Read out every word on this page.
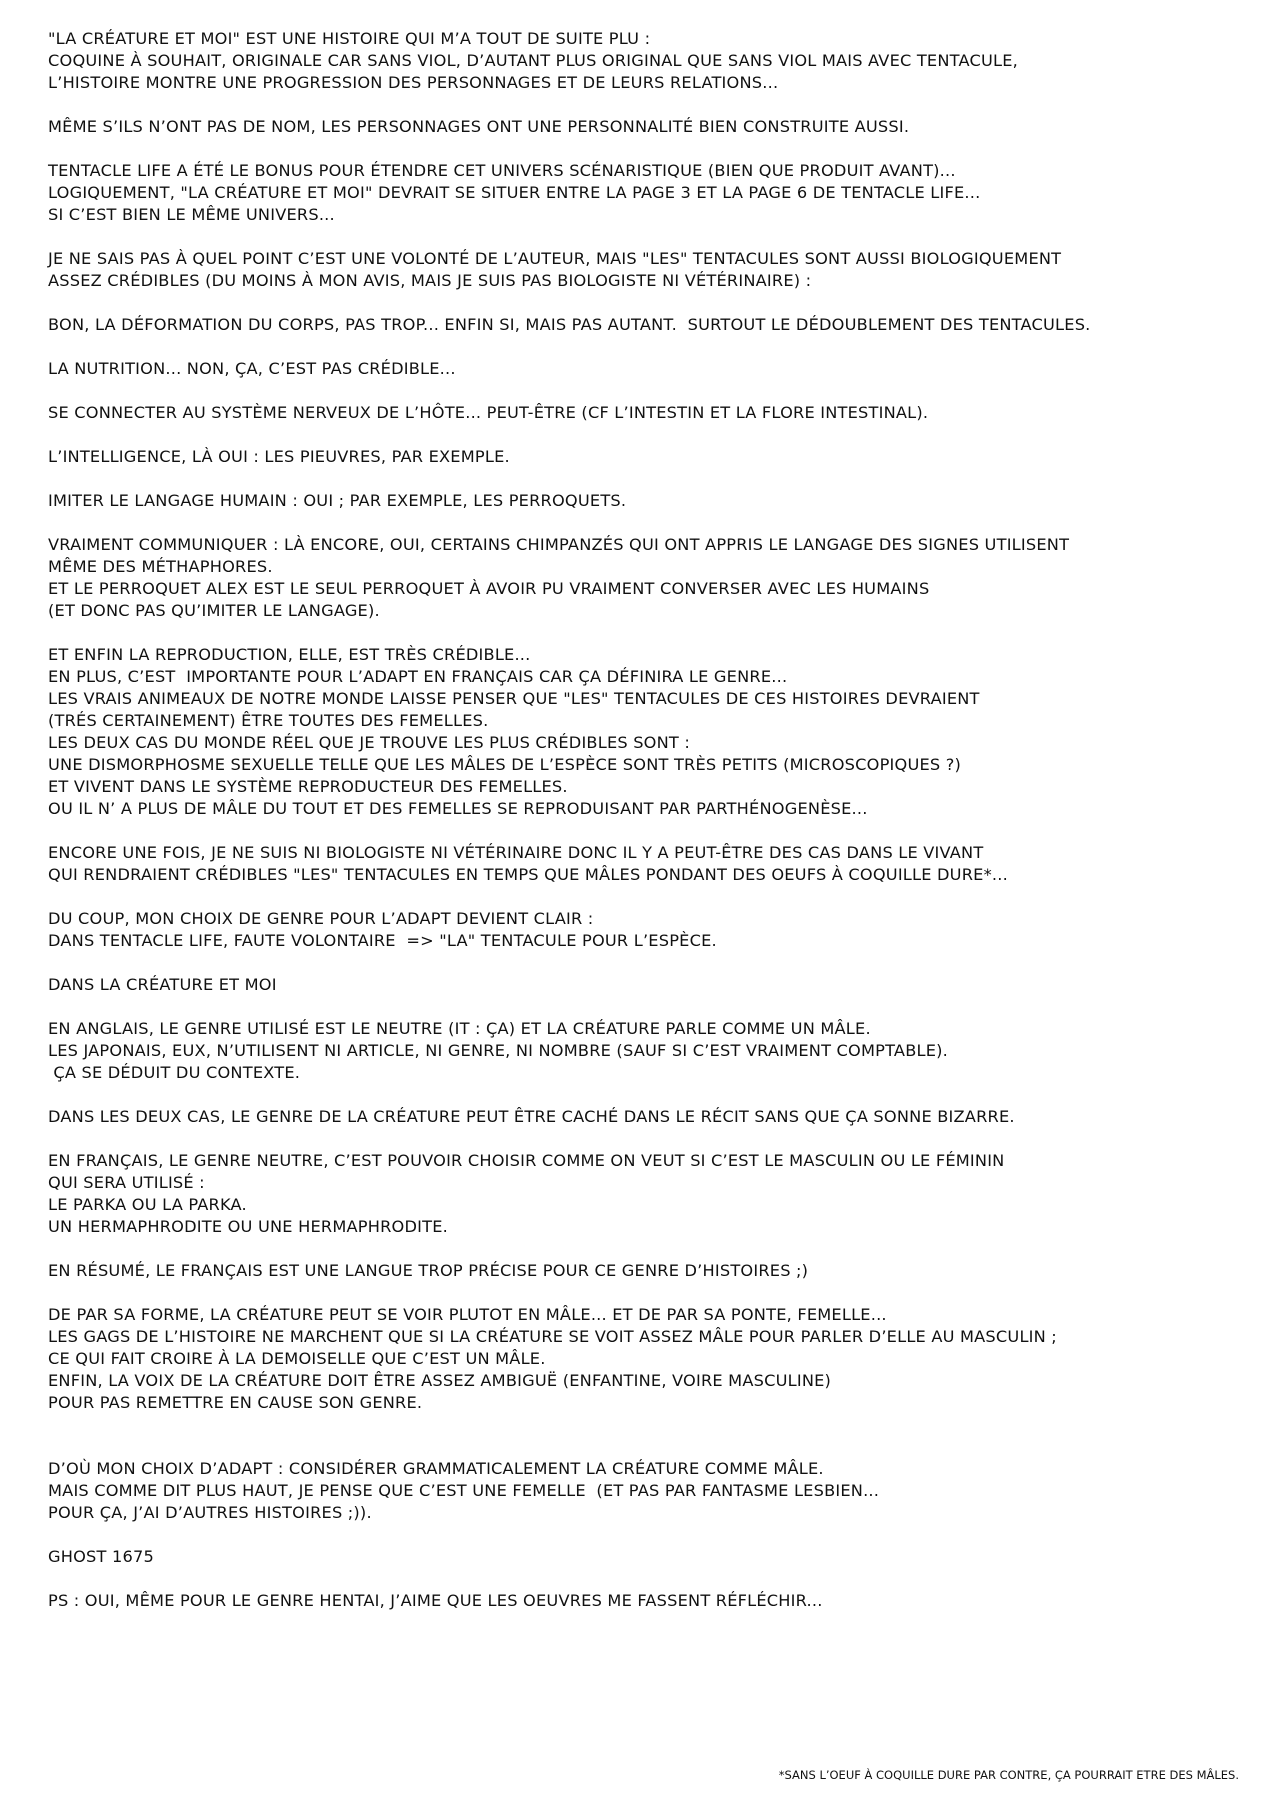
"LA CRÉATURE ET MOI" EST UNE HISTOIRE QUI M’A TOUT DE SUITE PLU :
COQUINE À SOUHAIT, ORIGINALE CAR SANS VIOL, D’AUTANT PLUS ORIGINAL QUE SANS VIOL MAIS AVEC TENTACULE,
L’HISTOIRE MONTRE UNE PROGRESSION DES PERSONNAGES ET DE LEURS RELATIONS...
MÊME S’ILS N’ONT PAS DE NOM, LES PERSONNAGES ONT UNE PERSONNALITÉ BIEN CONSTRUITE AUSSI.
TENTACLE LIFE A ÉTÉ LE BONUS POUR ÉTENDRE CET UNIVERS SCÉNARISTIQUE (BIEN QUE PRODUIT AVANT)...
LOGIQUEMENT, "LA CRÉATURE ET MOI" DEVRAIT SE SITUER ENTRE LA PAGE 3 ET LA PAGE 6 DE TENTACLE LIFE...
SI C’EST BIEN LE MÊME UNIVERS...
JE NE SAIS PAS À QUEL POINT C’EST UNE VOLONTÉ DE L’AUTEUR, MAIS "LES" TENTACULES SONT AUSSI BIOLOGIQUEMENT
ASSEZ CRÉDIBLES (DU MOINS À MON AVIS, MAIS JE SUIS PAS BIOLOGISTE NI VÉTÉRINAIRE) :
BON, LA DÉFORMATION DU CORPS, PAS TROP... ENFIN SI, MAIS PAS AUTANT.  SURTOUT LE DÉDOUBLEMENT DES TENTACULES.
LA NUTRITION... NON, ÇA, C’EST PAS CRÉDIBLE...
SE CONNECTER AU SYSTÈME NERVEUX DE L’HÔTE... PEUT-ÊTRE (CF L’INTESTIN ET LA FLORE INTESTINAL).
L’INTELLIGENCE, LÀ OUI : LES PIEUVRES, PAR EXEMPLE.
IMITER LE LANGAGE HUMAIN : OUI ; PAR EXEMPLE, LES PERROQUETS.
VRAIMENT COMMUNIQUER : LÀ ENCORE, OUI, CERTAINS CHIMPANZÉS QUI ONT APPRIS LE LANGAGE DES SIGNES UTILISENT
MÊME DES MÉTHAPHORES.
ET LE PERROQUET ALEX EST LE SEUL PERROQUET À AVOIR PU VRAIMENT CONVERSER AVEC LES HUMAINS
(ET DONC PAS QU’IMITER LE LANGAGE).
ET ENFIN LA REPRODUCTION, ELLE, EST TRÈS CRÉDIBLE...
EN PLUS, C’EST  IMPORTANTE POUR L’ADAPT EN FRANÇAIS CAR ÇA DÉFINIRA LE GENRE...
LES VRAIS ANIMEAUX DE NOTRE MONDE LAISSE PENSER QUE "LES" TENTACULES DE CES HISTOIRES DEVRAIENT
(TRÉS CERTAINEMENT) ÊTRE TOUTES DES FEMELLES.
LES DEUX CAS DU MONDE RÉEL QUE JE TROUVE LES PLUS CRÉDIBLES SONT :
UNE DISMORPHOSME SEXUELLE TELLE QUE LES MÂLES DE L’ESPÈCE SONT TRÈS PETITS (MICROSCOPIQUES ?)
ET VIVENT DANS LE SYSTÈME REPRODUCTEUR DES FEMELLES.
OU IL N’ A PLUS DE MÂLE DU TOUT ET DES FEMELLES SE REPRODUISANT PAR PARTHÉNOGENÈSE...
ENCORE UNE FOIS, JE NE SUIS NI BIOLOGISTE NI VÉTÉRINAIRE DONC IL Y A PEUT-ÊTRE DES CAS DANS LE VIVANT
QUI RENDRAIENT CRÉDIBLES "LES" TENTACULES EN TEMPS QUE MÂLES PONDANT DES OEUFS À COQUILLE DURE*...
DU COUP, MON CHOIX DE GENRE POUR L’ADAPT DEVIENT CLAIR :
DANS TENTACLE LIFE, FAUTE VOLONTAIRE  => "LA" TENTACULE POUR L’ESPÈCE.
DANS LA CRÉATURE ET MOI
EN ANGLAIS, LE GENRE UTILISÉ EST LE NEUTRE (IT : ÇA) ET LA CRÉATURE PARLE COMME UN MÂLE.
LES JAPONAIS, EUX, N’UTILISENT NI ARTICLE, NI GENRE, NI NOMBRE (SAUF SI C’EST VRAIMENT COMPTABLE).
ÇA SE DÉDUIT DU CONTEXTE.
DANS LES DEUX CAS, LE GENRE DE LA CRÉATURE PEUT ÊTRE CACHÉ DANS LE RÉCIT SANS QUE ÇA SONNE BIZARRE.
EN FRANÇAIS, LE GENRE NEUTRE, C’EST POUVOIR CHOISIR COMME ON VEUT SI C’EST LE MASCULIN OU LE FÉMININ
QUI SERA UTILISÉ :
LE PARKA OU LA PARKA.
UN HERMAPHRODITE OU UNE HERMAPHRODITE.
EN RÉSUMÉ, LE FRANÇAIS EST UNE LANGUE TROP PRÉCISE POUR CE GENRE D’HISTOIRES ;)
DE PAR SA FORME, LA CRÉATURE PEUT SE VOIR PLUTOT EN MÂLE... ET DE PAR SA PONTE, FEMELLE...
LES GAGS DE L’HISTOIRE NE MARCHENT QUE SI LA CRÉATURE SE VOIT ASSEZ MÂLE POUR PARLER D’ELLE AU MASCULIN ;
CE QUI FAIT CROIRE À LA DEMOISELLE QUE C’EST UN MÂLE.
ENFIN, LA VOIX DE LA CRÉATURE DOIT ÊTRE ASSEZ AMBIGUË (ENFANTINE, VOIRE MASCULINE)
POUR PAS REMETTRE EN CAUSE SON GENRE.

D’OÙ MON CHOIX D’ADAPT : CONSIDÉRER GRAMMATICALEMENT LA CRÉATURE COMME MÂLE.
MAIS COMME DIT PLUS HAUT, JE PENSE QUE C’EST UNE FEMELLE  (ET PAS PAR FANTASME LESBIEN...
POUR ÇA, J’AI D’AUTRES HISTOIRES ;)).
GHOST 1675
PS : OUI, MÊME POUR LE GENRE HENTAI, J’AIME QUE LES OEUVRES ME FASSENT RÉFLÉCHIR...
*SANS L’OEUF À COQUILLE DURE PAR CONTRE, ÇA POURRAIT ETRE DES MÂLES.
